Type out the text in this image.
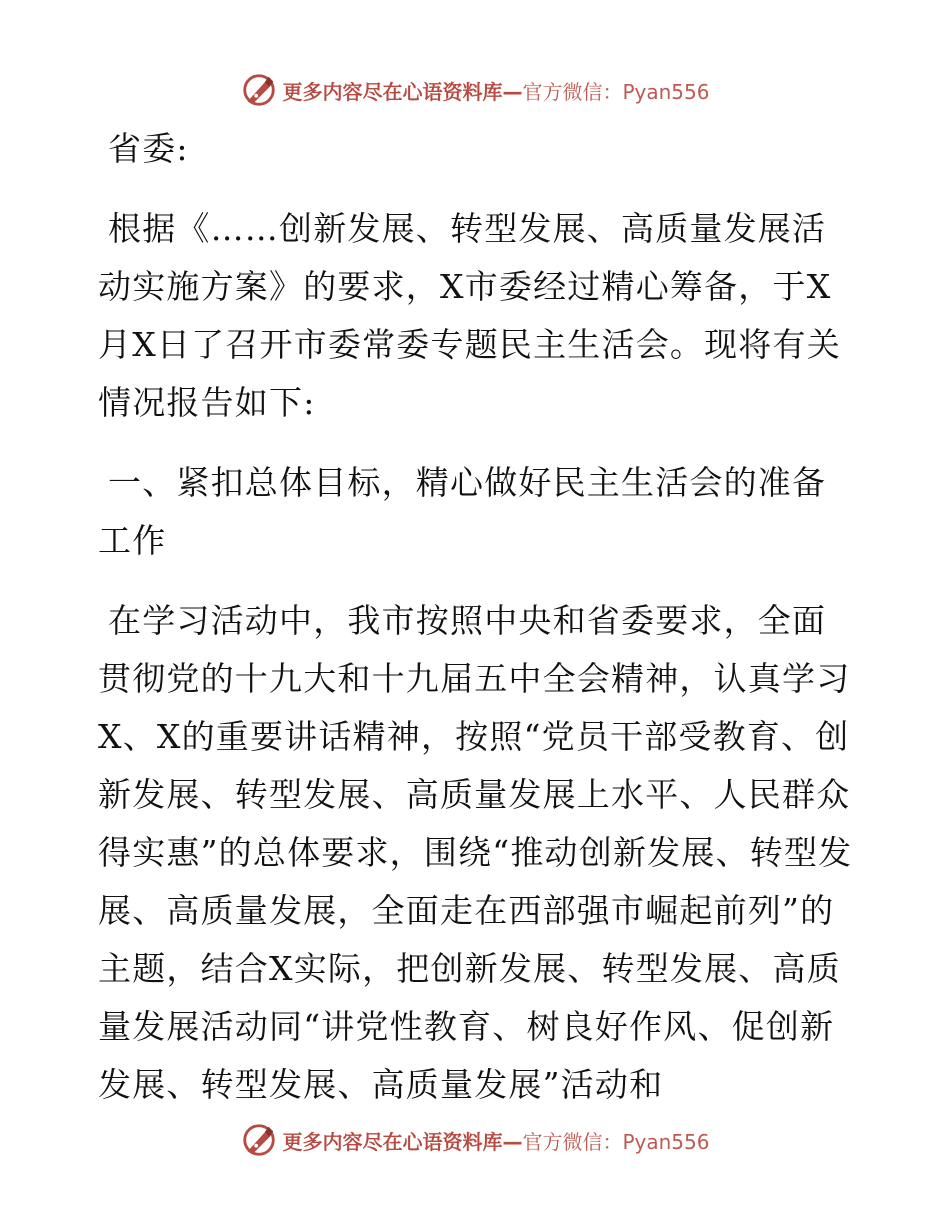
更多内容尽在心语资料库—官方微信：Pyan556

省委:

根据《……创新发展、转型发展、高质量发展活动实施方案》的要求，X市委经过精心筹备，于X月X日了召开市委常委专题民主生活会。现将有关情况报告如下:

一、紧扣总体目标，精心做好民主生活会的准备工作

在学习活动中，我市按照中央和省委要求，全面贯彻党的十九大和十九届五中全会精神，认真学习X、X的重要讲话精神，按照“党员干部受教育、创新发展、转型发展、高质量发展上水平、人民群众得实惠”的总体要求，围绕“推动创新发展、转型发展、高质量发展，全面走在西部强市崛起前列”的主题，结合X实际，把创新发展、转型发展、高质量发展活动同“讲党性教育、树良好作风、促创新发展、转型发展、高质量发展”活动和

更多内容尽在心语资料库—官方微信：Pyan556
